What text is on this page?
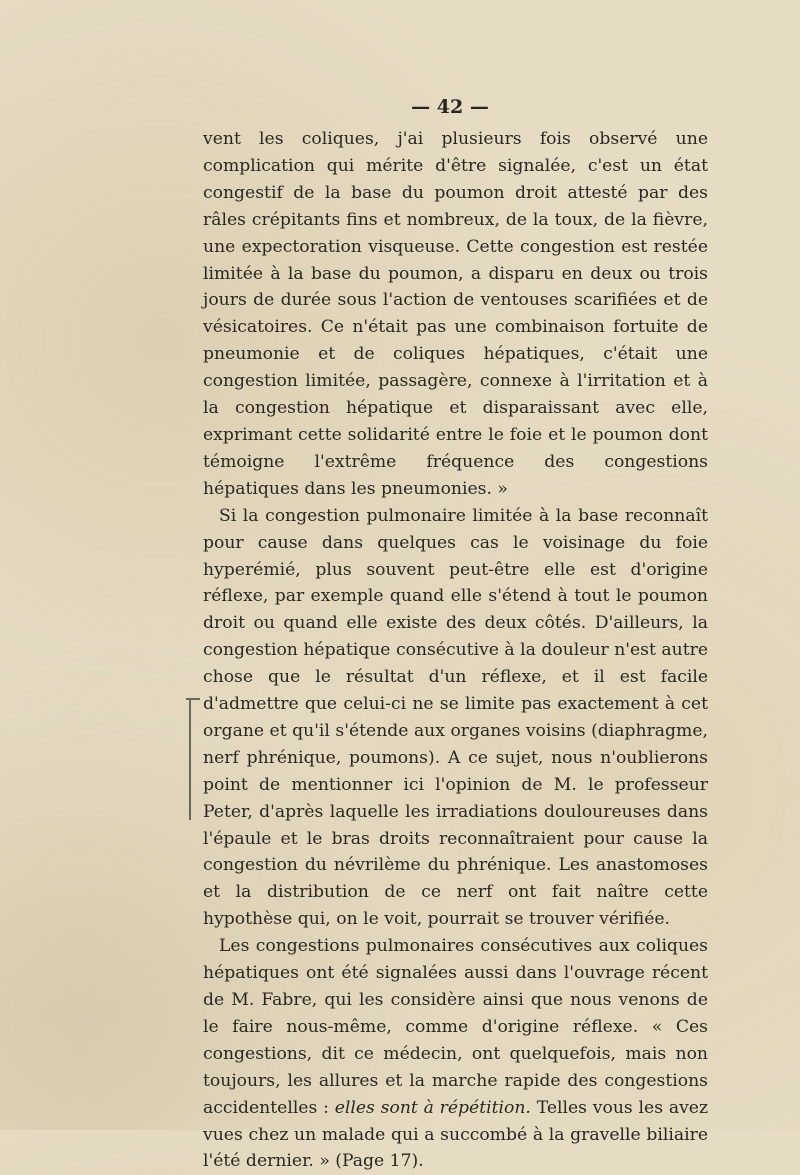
— 42 —

vent les coliques, j'ai plusieurs fois observé une complication qui mérite d'être signalée, c'est un état congestif de la base du poumon droit attesté par des râles crépitants fins et nombreux, de la toux, de la fièvre, une expectoration visqueuse. Cette congestion est restée limitée à la base du poumon, a disparu en deux ou trois jours de durée sous l'action de ventouses scarifiées et de vésicatoires. Ce n'était pas une combinaison fortuite de pneumonie et de coliques hépatiques, c'était une congestion limitée, passagère, connexe à l'irritation et à la congestion hépatique et disparaissant avec elle, exprimant cette solidarité entre le foie et le poumon dont témoigne l'extrême fréquence des congestions hépatiques dans les pneumonies. »

Si la congestion pulmonaire limitée à la base reconnaît pour cause dans quelques cas le voisinage du foie hyperémié, plus souvent peut-être elle est d'origine réflexe, par exemple quand elle s'étend à tout le poumon droit ou quand elle existe des deux côtés. D'ailleurs, la congestion hépatique consécutive à la douleur n'est autre chose que le résultat d'un réflexe, et il est facile d'admettre que celui-ci ne se limite pas exactement à cet organe et qu'il s'étende aux organes voisins (diaphragme, nerf phrénique, poumons). A ce sujet, nous n'oublierons point de mentionner ici l'opinion de M. le professeur Peter, d'après laquelle les irradiations douloureuses dans l'épaule et le bras droits reconnaîtraient pour cause la congestion du névrilème du phrénique. Les anastomoses et la distribution de ce nerf ont fait naître cette hypothèse qui, on le voit, pourrait se trouver vérifiée.

Les congestions pulmonaires consécutives aux coliques hépatiques ont été signalées aussi dans l'ouvrage récent de M. Fabre, qui les considère ainsi que nous venons de le faire nous-même, comme d'origine réflexe. « Ces congestions, dit ce médecin, ont quelquefois, mais non toujours, les allures et la marche rapide des congestions accidentelles : elles sont à répétition. Telles vous les avez vues chez un malade qui a succombé à la gravelle biliaire l'été dernier. » (Page 17).
